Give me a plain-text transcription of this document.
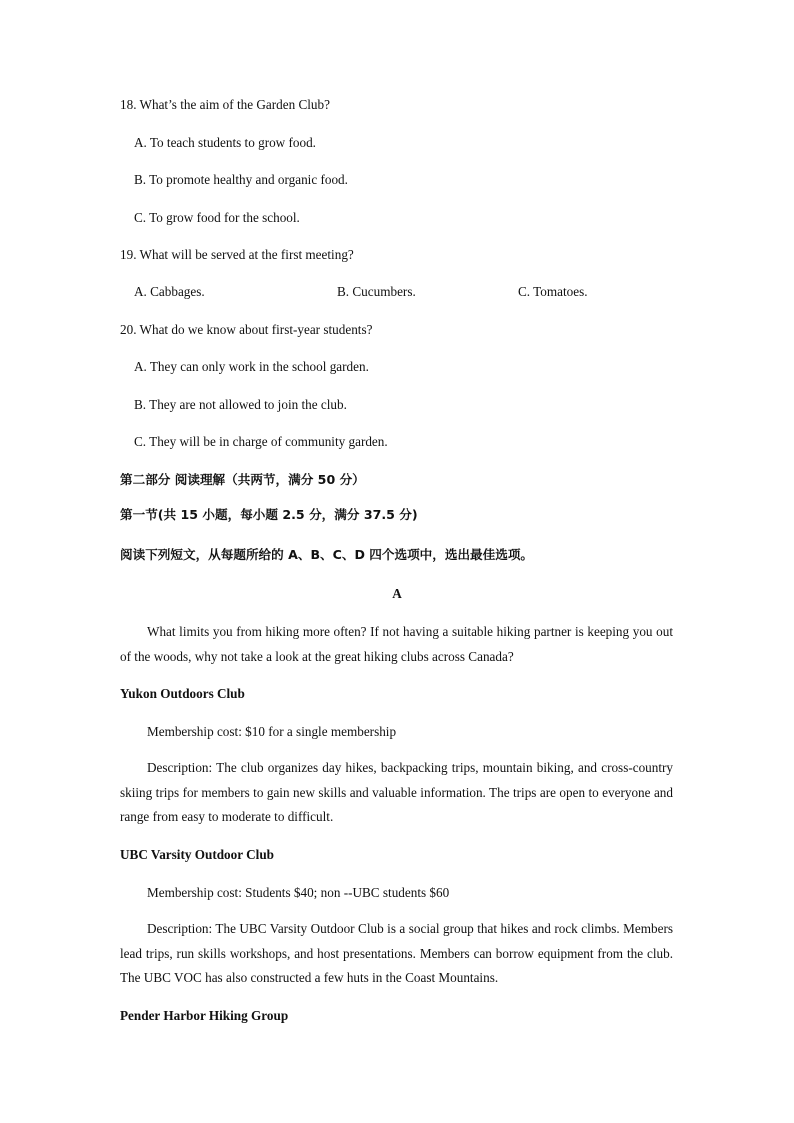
18. What’s the aim of the Garden Club?
A. To teach students to grow food.
B. To promote healthy and organic food.
C. To grow food for the school.
19. What will be served at the first meeting?
A. Cabbages.	B. Cucumbers.	C. Tomatoes.
20. What do we know about first-year students?
A. They can only work in the school garden.
B. They are not allowed to join the club.
C. They will be in charge of community garden.
第二部分 阅读理解（共两节，满分 50 分）
第一节(共 15 小题，每小题 2.5 分，满分 37.5 分)
阅读下列短文，从每题所给的 A、B、C、D 四个选项中，选出最佳选项。
A
What limits you from hiking more often? If not having a suitable hiking partner is keeping you out of the woods, why not take a look at the great hiking clubs across Canada?
Yukon Outdoors Club
Membership cost: $10 for a single membership
Description: The club organizes day hikes, backpacking trips, mountain biking, and cross-country skiing trips for members to gain new skills and valuable information. The trips are open to everyone and range from easy to moderate to difficult.
UBC Varsity Outdoor Club
Membership cost: Students $40; non --UBC students $60
Description: The UBC Varsity Outdoor Club is a social group that hikes and rock climbs. Members lead trips, run skills workshops, and host presentations. Members can borrow equipment from the club. The UBC VOC has also constructed a few huts in the Coast Mountains.
Pender Harbor Hiking Group
